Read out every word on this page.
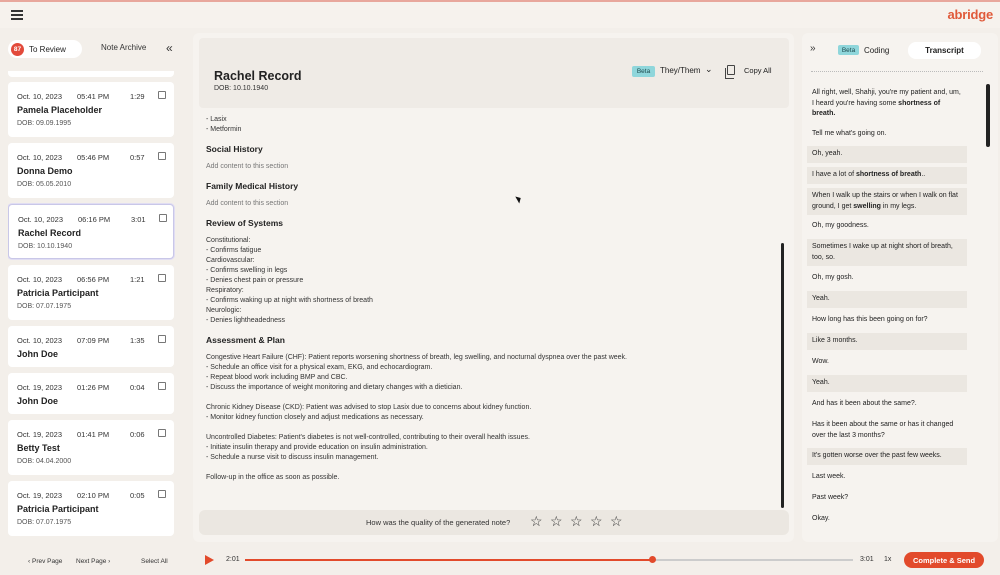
abridge
87 To Review	Note Archive «
Oct. 10, 2023 05:41 PM	1:29
Pamela Placeholder
DOB: 09.09.1995
Oct. 10, 2023 05:46 PM	0:57
Donna Demo
DOB: 05.05.2010
Oct. 10, 2023 06:16 PM	3:01
Rachel Record
DOB: 10.10.1940
Oct. 10, 2023 06:56 PM	1:21
Patricia Participant
DOB: 07.07.1975
Oct. 10, 2023 07:09 PM	1:35
John Doe
Oct. 19, 2023 01:26 PM	0:04
John Doe
Oct. 19, 2023 01:41 PM	0:06
Betty Test
DOB: 04.04.2000
Oct. 19, 2023 02:10 PM	0:05
Patricia Participant
DOB: 07.07.1975
‹ Prev Page Next Page ›	Select All
Rachel Record
DOB: 10.10.1940
Beta	They/Them ⌄	Copy All
- Lasix
- Metformin
Social History
Add content to this section
Family Medical History
Add content to this section
Review of Systems
Constitutional:
- Confirms fatigue
Cardiovascular:
- Confirms swelling in legs
- Denies chest pain or pressure
Respiratory:
- Confirms waking up at night with shortness of breath
Neurologic:
- Denies lightheadedness
Assessment & Plan
Congestive Heart Failure (CHF): Patient reports worsening shortness of breath, leg swelling, and nocturnal dyspnea over the past week.
- Schedule an office visit for a physical exam, EKG, and echocardiogram.
- Repeat blood work including BMP and CBC.
- Discuss the importance of weight monitoring and dietary changes with a dietician.
Chronic Kidney Disease (CKD): Patient was advised to stop Lasix due to concerns about kidney function.
- Monitor kidney function closely and adjust medications as necessary.
Uncontrolled Diabetes: Patient's diabetes is not well-controlled, contributing to their overall health issues.
- Initiate insulin therapy and provide education on insulin administration.
- Schedule a nurse visit to discuss insulin management.
Follow-up in the office as soon as possible.
How was the quality of the generated note? ☆ ☆ ☆ ☆ ☆
»	Beta	Coding	Transcript
All right, well, Shahji, you're my patient and, um, I heard you're having some shortness of breath.
Tell me what's going on.
Oh, yeah.
I have a lot of shortness of breath..
When I walk up the stairs or when I walk on flat ground, I get swelling in my legs.
Oh, my goodness.
Sometimes I wake up at night short of breath, too, so.
Oh, my gosh.
Yeah.
How long has this been going on for?
Like 3 months.
Wow.
Yeah.
And has it been about the same?.
Has it been about the same or has it changed over the last 3 months?
It's gotten worse over the past few weeks.
Last week.
Past week?
Okay.
2:01	3:01 1x	Complete & Send
